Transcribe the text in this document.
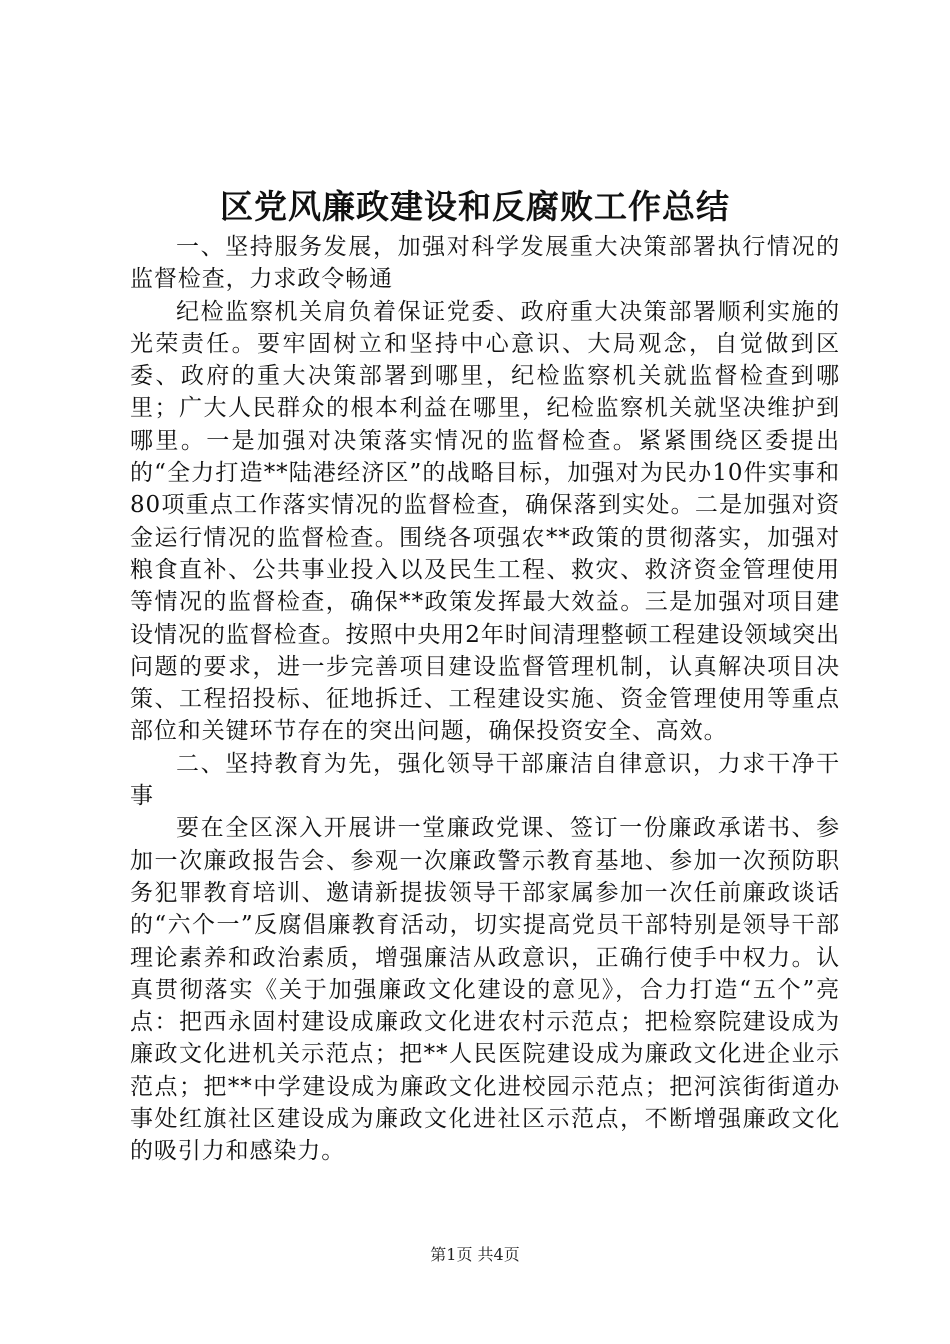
区党风廉政建设和反腐败工作总结

一、坚持服务发展，加强对科学发展重大决策部署执行情况的监督检查，力求政令畅通

纪检监察机关肩负着保证党委、政府重大决策部署顺利实施的光荣责任。要牢固树立和坚持中心意识、大局观念，自觉做到区委、政府的重大决策部署到哪里，纪检监察机关就监督检查到哪里；广大人民群众的根本利益在哪里，纪检监察机关就坚决维护到哪里。一是加强对决策落实情况的监督检查。紧紧围绕区委提出的“全力打造**陆港经济区”的战略目标，加强对为民办10件实事和80项重点工作落实情况的监督检查，确保落到实处。二是加强对资金运行情况的监督检查。围绕各项强农**政策的贯彻落实，加强对粮食直补、公共事业投入以及民生工程、救灾、救济资金管理使用等情况的监督检查，确保**政策发挥最大效益。三是加强对项目建设情况的监督检查。按照中央用2年时间清理整顿工程建设领域突出问题的要求，进一步完善项目建设监督管理机制，认真解决项目决策、工程招投标、征地拆迁、工程建设实施、资金管理使用等重点部位和关键环节存在的突出问题，确保投资安全、高效。

二、坚持教育为先，强化领导干部廉洁自律意识，力求干净干事

要在全区深入开展讲一堂廉政党课、签订一份廉政承诺书、参加一次廉政报告会、参观一次廉政警示教育基地、参加一次预防职务犯罪教育培训、邀请新提拔领导干部家属参加一次任前廉政谈话的“六个一”反腐倡廉教育活动，切实提高党员干部特别是领导干部理论素养和政治素质，增强廉洁从政意识，正确行使手中权力。认真贯彻落实《关于加强廉政文化建设的意见》，合力打造“五个”亮点：把西永固村建设成廉政文化进农村示范点；把检察院建设成为廉政文化进机关示范点；把**人民医院建设成为廉政文化进企业示范点；把**中学建设成为廉政文化进校园示范点；把河滨街街道办事处红旗社区建设成为廉政文化进社区示范点，不断增强廉政文化的吸引力和感染力。

第1页 共4页
